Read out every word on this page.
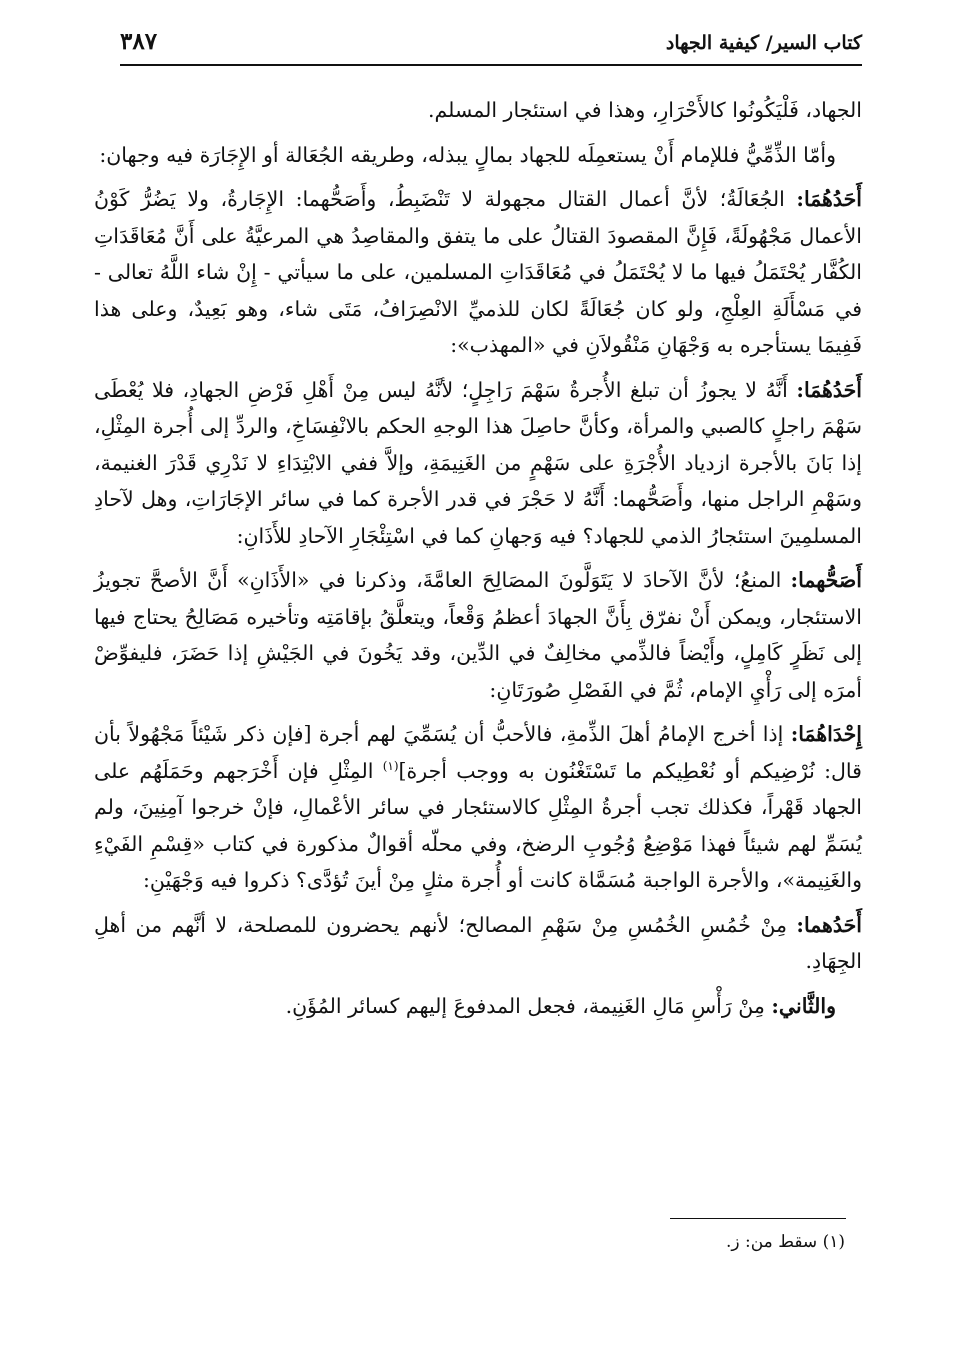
كتاب السير/ كيفية الجهاد
٣٨٧

الجهاد، فَلْيَكُونُوا كالأَحْرَارِ، وهذا في استئجار المسلم.

وأمّا الذِّمِّيُّ فللإمام أَنْ يستعمِلَه للجهاد بمالٍ يبذله، وطريقه الجُعَالة أو الإِجَارَة فيه وجهان:

أَحَدُهُمَا: الجُعَالَةُ؛ لأنَّ أعمال القتال مجهولة لا تَنْضَبِطُ، وأَصَحُّهما: الإِجَارةُ، ولا يَضُرُّ كَوْنُ الأعمال مَجْهُولَةً، فَإِنَّ المقصودَ القتالُ على ما يتفق والمقاصِدُ هي المرعيَّةُ على أَنَّ مُعَاقَدَاتِ الكُفَّار يُحْتَمَلُ فيها ما لا يُحْتَمَلُ في مُعَاقَدَاتِ المسلمين، على ما سيأتي - إِنْ شاء اللَّهُ تعالى - في مَسْأَلَةِ العِلْجِ، ولو كان جُعَالَةً لكان للذميِّ الانْصِرَافُ، مَتَى شاء، وهو بَعِيدٌ، وعلى هذا فَفِيمَا يستأجره به وَجْهَانِ مَنْقُولاَنِ في «المهذب»:

أَحَدُهُمَا: أَنَّهُ لا يجوزُ أن تبلغ الأُجرةُ سَهْمَ رَاجِلٍ؛ لأنَّهُ ليس مِنْ أَهْلِ فَرْضِ الجهادِ، فلا يُعْطَى سَهْمَ راجلٍ كالصبي والمرأة، وكأنَّ حاصِلَ هذا الوجهِ الحكم بالانْفِسَاخِ، والردِّ إلى أُجرة المِثْلِ، إذا بَانَ بالأجرة ازدياد الأُجْرَةِ على سَهْمٍ من الغَنِيمَةِ، وإلاَّ ففي الابْتِدَاءِ لا نَدْرِي قَدْرَ الغنيمة، وسَهْمِ الراجل منها، وأَصَحُّهما: أَنَّهُ لا حَجْرَ في قدر الأجرة كما في سائر الإجَارَاتِ، وهل لآحادِ المسلمِينَ استئجارُ الذمي للجهاد؟ فيه وَجهانِ كما في اسْتِئْجَارِ الآحادِ للأَذَانِ:

أَصَحُّهما: المنعُ؛ لأنَّ الآحادَ لا يَتَوَلَّونَ المصَالِحَ العامَّةَ، وذكرنا في «الأَذَانِ» أَنَّ الأصحَّ تجويزُ الاستئجار، ويمكن أَنْ نفرّق بِأَنَّ الجهادَ أعظمُ وَقْعاً، ويتعلَّقُ بإقامَتِه وتأخيره مَصَالِحُ يحتاج فيها إلى نَظَرٍ كَامِلٍ، وأَيْضاً فالذِّمي مخالِفٌ في الدِّين، وقد يَخُونَ في الجَيْشِ إذا حَضَرَ، فليفوِّضْ أمرَه إلى رَأْيِ الإمام، ثُمَّ في الفَصْلِ صُورَتَانِ:

إِحْدَاهُمَا: إذا أخرج الإمامُ أهلَ الذِّمةِ، فالأحبُّ أن يُسَمِّيَ لهم أجرة [فإن ذكر شَيْئاً مَجْهُولاً بأن قال: نُرْضِيكم أو نُعْطِيكم ما تَسْتَغْنُون به ووجب أجرة]$^{(١)}$ المِثْلِ فإن أَخْرَجهم وحَمَلَهُم على الجهاد قَهْراً، فكذلك تجب أجرةُ المِثْلِ كالاستئجار في سائر الأعْمالِ، فإنْ خرجوا آمِنِينَ، ولم يُسَمِّ لهم شيئاً فهذا مَوْضِعُ وُجُوبِ الرضخ، وفي محلّه أقوالٌ مذكورة في كتاب «قِسْمِ الفَيْءِ والغَنِيمة»، والأجرة الواجبة مُسَمَّاة كانت أو أُجرة مثلٍ مِنْ أينَ تُؤدَّى؟ ذكروا فيه وَجْهَيْنِ:

أَحَدُهما: مِنْ خُمُسِ الخُمُسِ مِنْ سَهْمِ المصالح؛ لأنهم يحضرون للمصلحة، لا أنَّهم من أهلِ الجِهَادِ.

والثَّاني: مِنْ رَأْسِ مَالِ الغَنِيمة، فجعل المدفوعَ إليهم كسائر المُؤَنِ.

(١) سقط من: ز.
